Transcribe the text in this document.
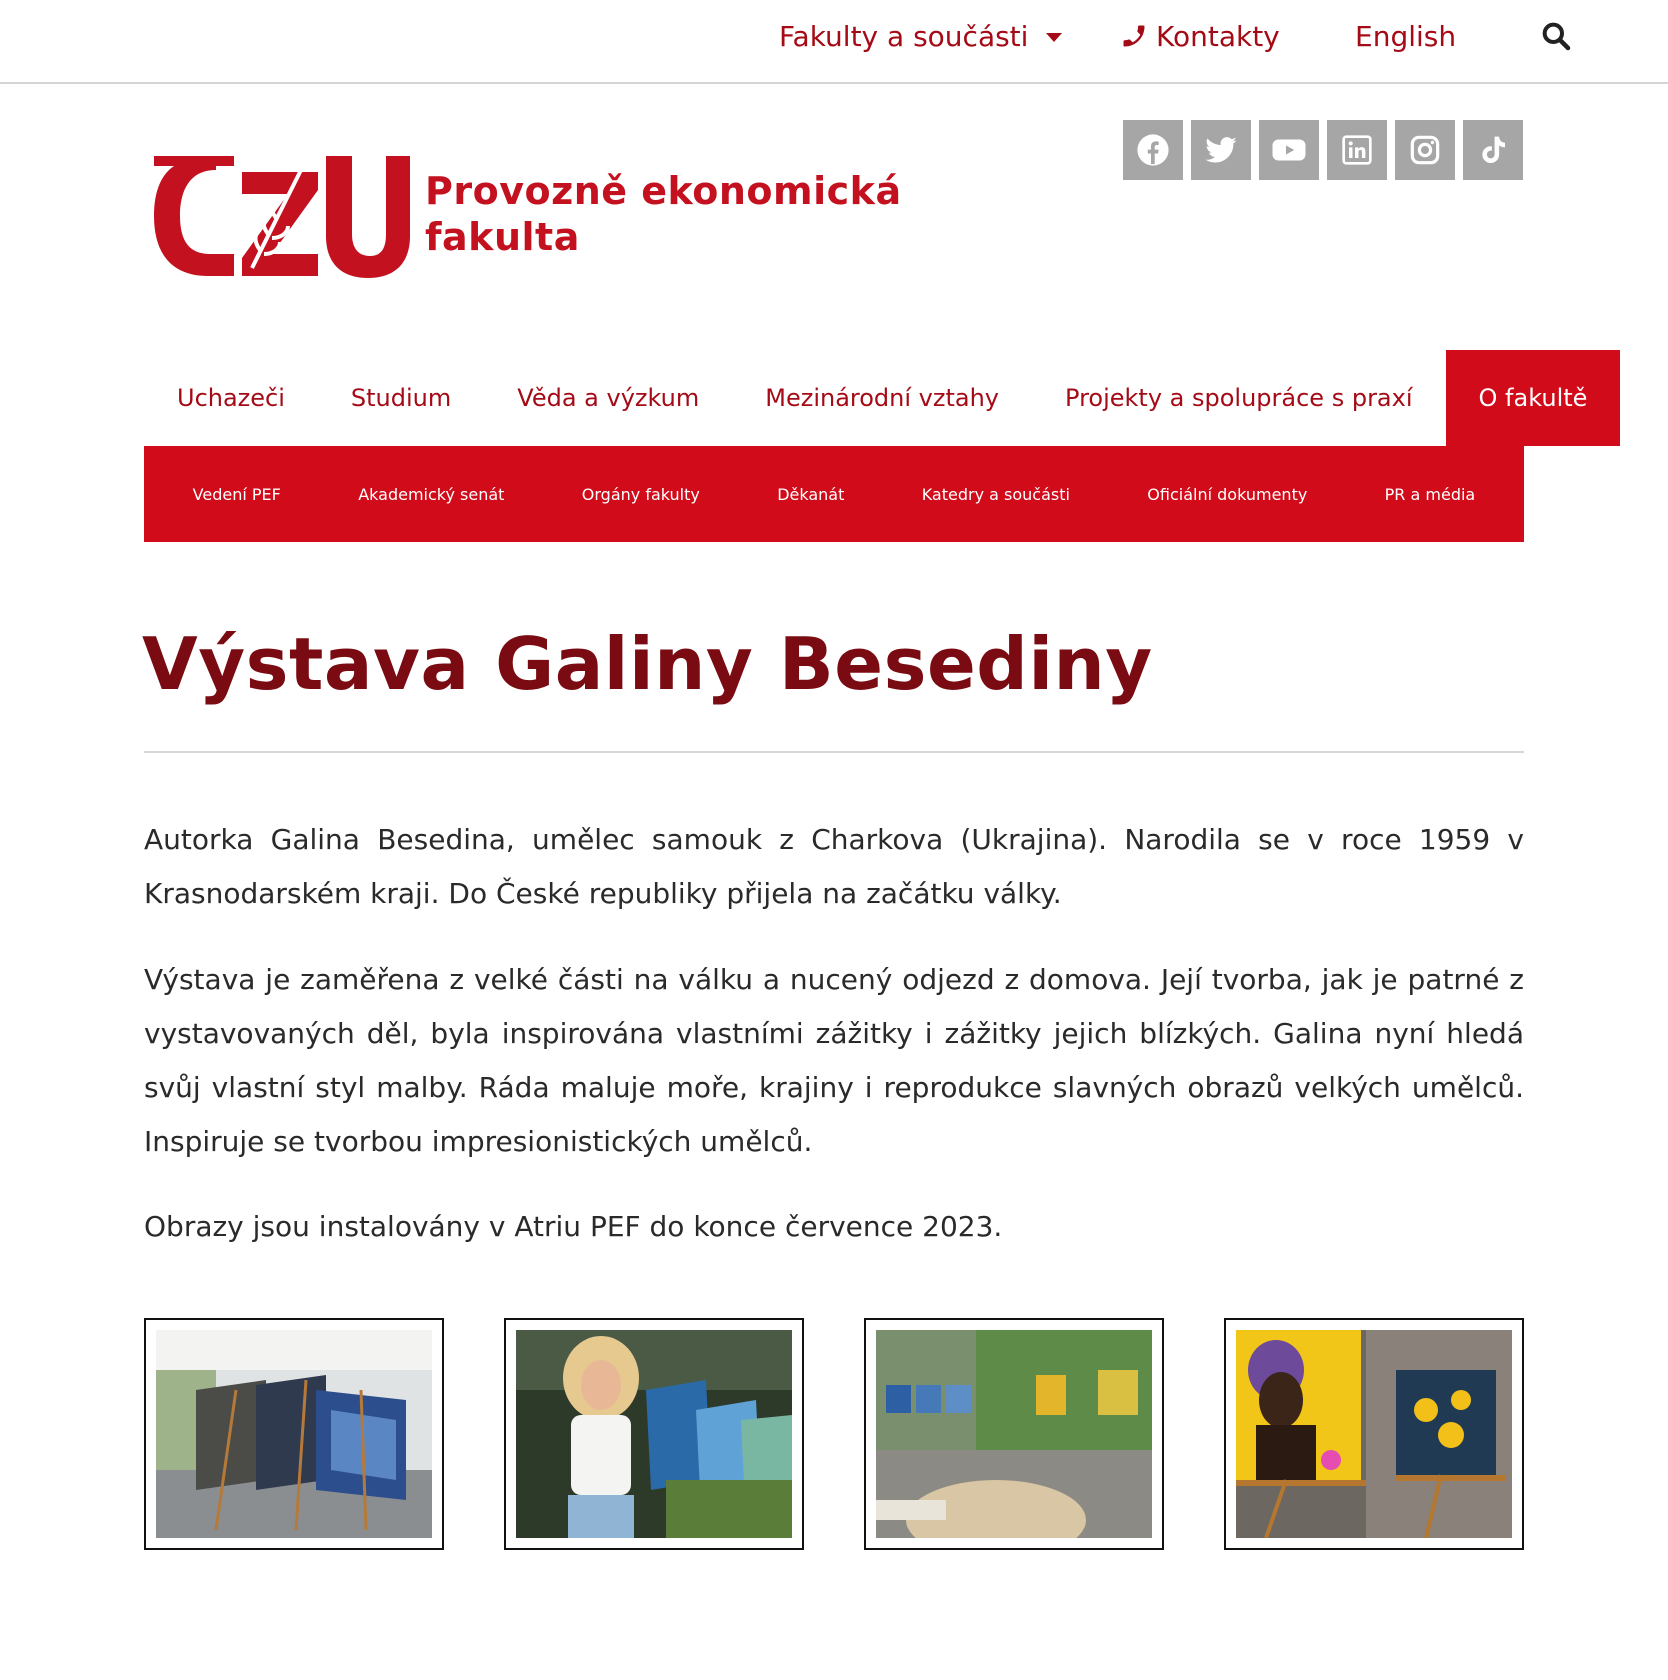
Fakulty a součásti	Kontakty	English
Provozně ekonomická
fakulta
Uchazeči	Studium	Věda a výzkum	Mezinárodní vztahy	Projekty a spolupráce s praxí	O fakultě
Vedení PEF	Akademický senát	Orgány fakulty	Děkanát	Katedry a součásti	Oficiální dokumenty	PR a média
Výstava Galiny Besediny

Autorka Galina Besedina, umělec samouk z Charkova (Ukrajina). Narodila se v roce 1959 v Krasnodarském kraji. Do České republiky přijela na začátku války.

Výstava je zaměřena z velké části na válku a nucený odjezd z domova. Její tvorba, jak je patrné z vystavovaných děl, byla inspirována vlastními zážitky i zážitky jejich blízkých. Galina nyní hledá svůj vlastní styl malby. Ráda maluje moře, krajiny i reprodukce slavných obrazů velkých umělců. Inspiruje se tvorbou impresionistických umělců.

Obrazy jsou instalovány v Atriu PEF do konce července 2023.
